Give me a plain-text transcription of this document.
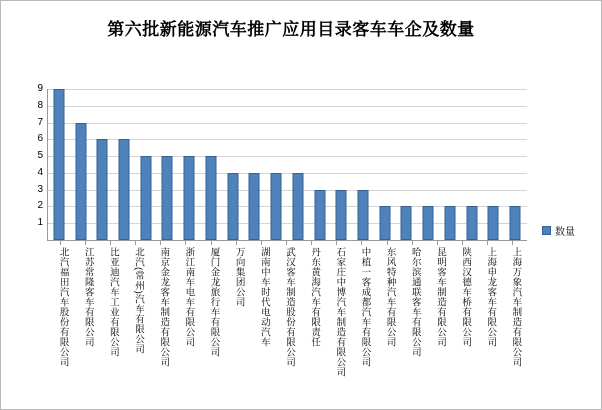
第六批新能源汽车推广应用目录客车车企及数量
1
2
3
4
5
6
7
8
9
北汽福田汽车股份有限公司	江苏常隆客车有限公司	比亚迪汽车工业有限公司	北汽(常州)汽车有限公司	南京金龙客车制造有限公司	浙江南车电车有限公司	厦门金龙旅行车有限公司	万向集团公司	湖南中车时代电动汽车	武汉客车制造股份有限公司	丹东黄海汽车有限责任	石家庄中博汽车制造有限公司	中植一客成都汽车有限公司	东风特种汽车有限公司	哈尔滨通联客车有限公司	昆明客车制造有限公司	陕西汉德车桥有限公司	上海申龙客车有限公司	上海万象汽车制造有限公司
数量
